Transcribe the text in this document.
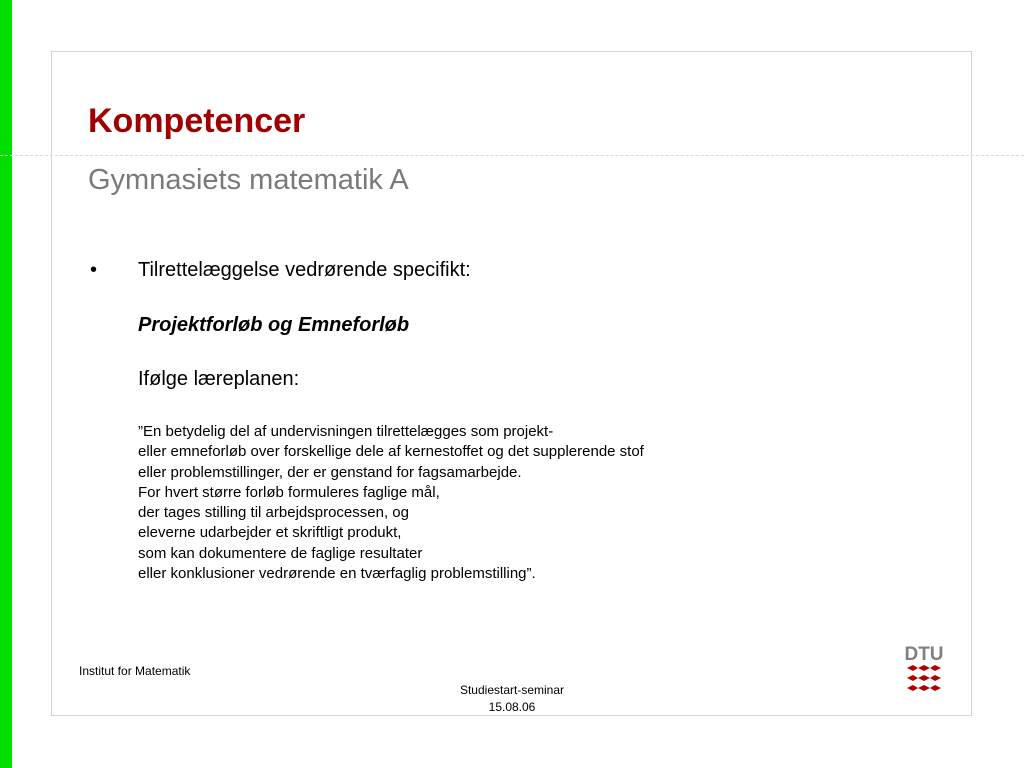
Kompetencer
Gymnasiets matematik A
• Tilrettelæggelse vedrørende specifikt:
Projektforløb og Emneforløb
Ifølge læreplanen:
”En betydelig del af undervisningen tilrettelægges som projekt-
eller emneforløb over forskellige dele af kernestoffet og det supplerende stof
eller problemstillinger, der er genstand for fagsamarbejde.
For hvert større forløb formuleres faglige mål,
der tages stilling til arbejdsprocessen, og
eleverne udarbejder et skriftligt produkt,
som kan dokumentere de faglige resultater
eller konklusioner vedrørende en tværfaglig problemstilling”.
Institut for Matematik
Studiestart-seminar
15.08.06
DTU
